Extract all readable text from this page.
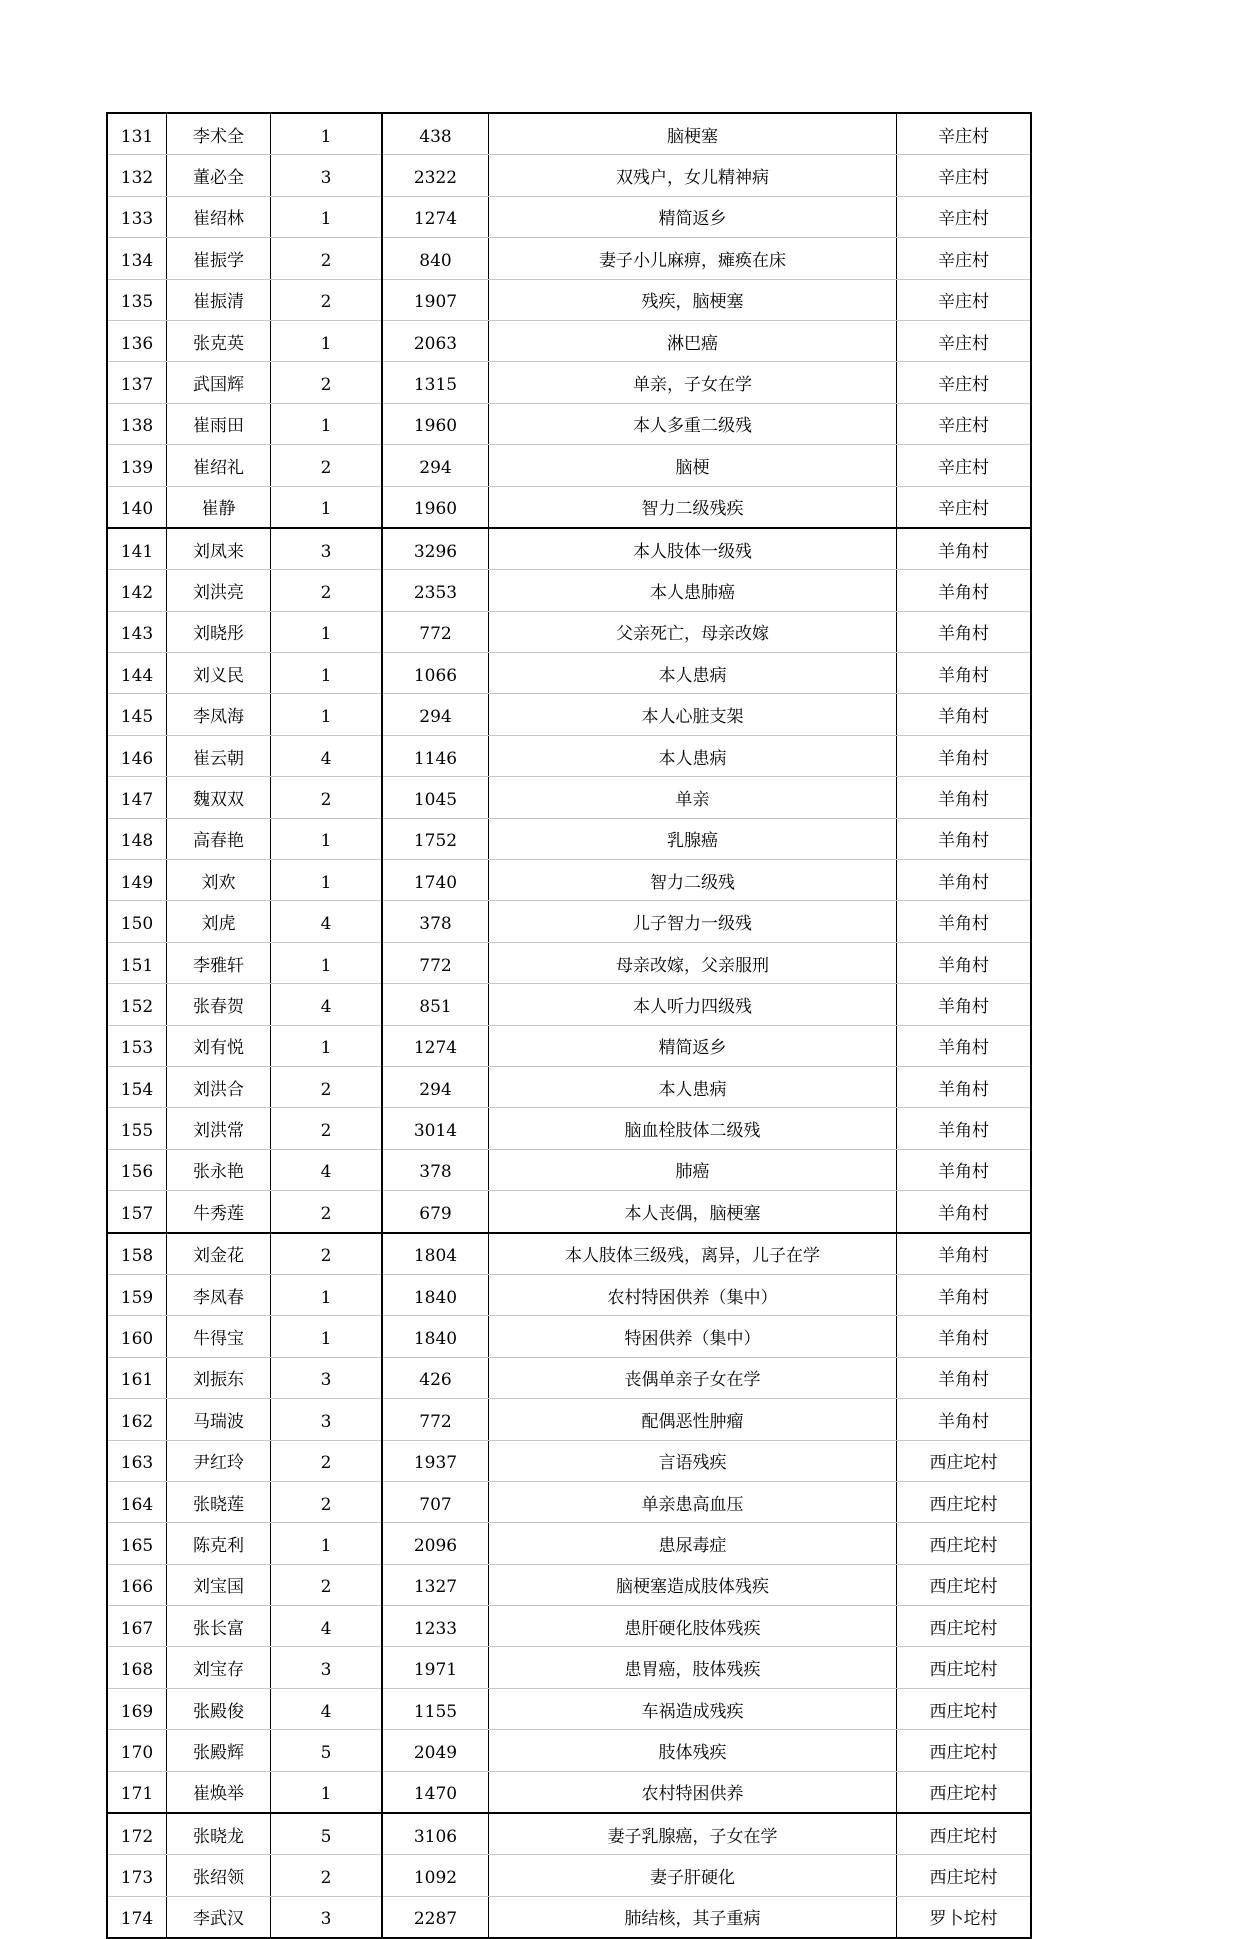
131	李术全	1	438	脑梗塞	辛庄村
132	董必全	3	2322	双残户，女儿精神病	辛庄村
133	崔绍林	1	1274	精简返乡	辛庄村
134	崔振学	2	840	妻子小儿麻痹，瘫痪在床	辛庄村
135	崔振清	2	1907	残疾，脑梗塞	辛庄村
136	张克英	1	2063	淋巴癌	辛庄村
137	武国辉	2	1315	单亲，子女在学	辛庄村
138	崔雨田	1	1960	本人多重二级残	辛庄村
139	崔绍礼	2	294	脑梗	辛庄村
140	崔静	1	1960	智力二级残疾	辛庄村
141	刘凤来	3	3296	本人肢体一级残	羊角村
142	刘洪亮	2	2353	本人患肺癌	羊角村
143	刘晓彤	1	772	父亲死亡，母亲改嫁	羊角村
144	刘义民	1	1066	本人患病	羊角村
145	李凤海	1	294	本人心脏支架	羊角村
146	崔云朝	4	1146	本人患病	羊角村
147	魏双双	2	1045	单亲	羊角村
148	高春艳	1	1752	乳腺癌	羊角村
149	刘欢	1	1740	智力二级残	羊角村
150	刘虎	4	378	儿子智力一级残	羊角村
151	李雅轩	1	772	母亲改嫁，父亲服刑	羊角村
152	张春贺	4	851	本人听力四级残	羊角村
153	刘有悦	1	1274	精简返乡	羊角村
154	刘洪合	2	294	本人患病	羊角村
155	刘洪常	2	3014	脑血栓肢体二级残	羊角村
156	张永艳	4	378	肺癌	羊角村
157	牛秀莲	2	679	本人丧偶，脑梗塞	羊角村
158	刘金花	2	1804	本人肢体三级残，离异，儿子在学	羊角村
159	李凤春	1	1840	农村特困供养（集中）	羊角村
160	牛得宝	1	1840	特困供养（集中）	羊角村
161	刘振东	3	426	丧偶单亲子女在学	羊角村
162	马瑞波	3	772	配偶恶性肿瘤	羊角村
163	尹红玲	2	1937	言语残疾	西庄坨村
164	张晓莲	2	707	单亲患高血压	西庄坨村
165	陈克利	1	2096	患尿毒症	西庄坨村
166	刘宝国	2	1327	脑梗塞造成肢体残疾	西庄坨村
167	张长富	4	1233	患肝硬化肢体残疾	西庄坨村
168	刘宝存	3	1971	患胃癌，肢体残疾	西庄坨村
169	张殿俊	4	1155	车祸造成残疾	西庄坨村
170	张殿辉	5	2049	肢体残疾	西庄坨村
171	崔焕举	1	1470	农村特困供养	西庄坨村
172	张晓龙	5	3106	妻子乳腺癌，子女在学	西庄坨村
173	张绍领	2	1092	妻子肝硬化	西庄坨村
174	李武汉	3	2287	肺结核，其子重病	罗卜坨村
